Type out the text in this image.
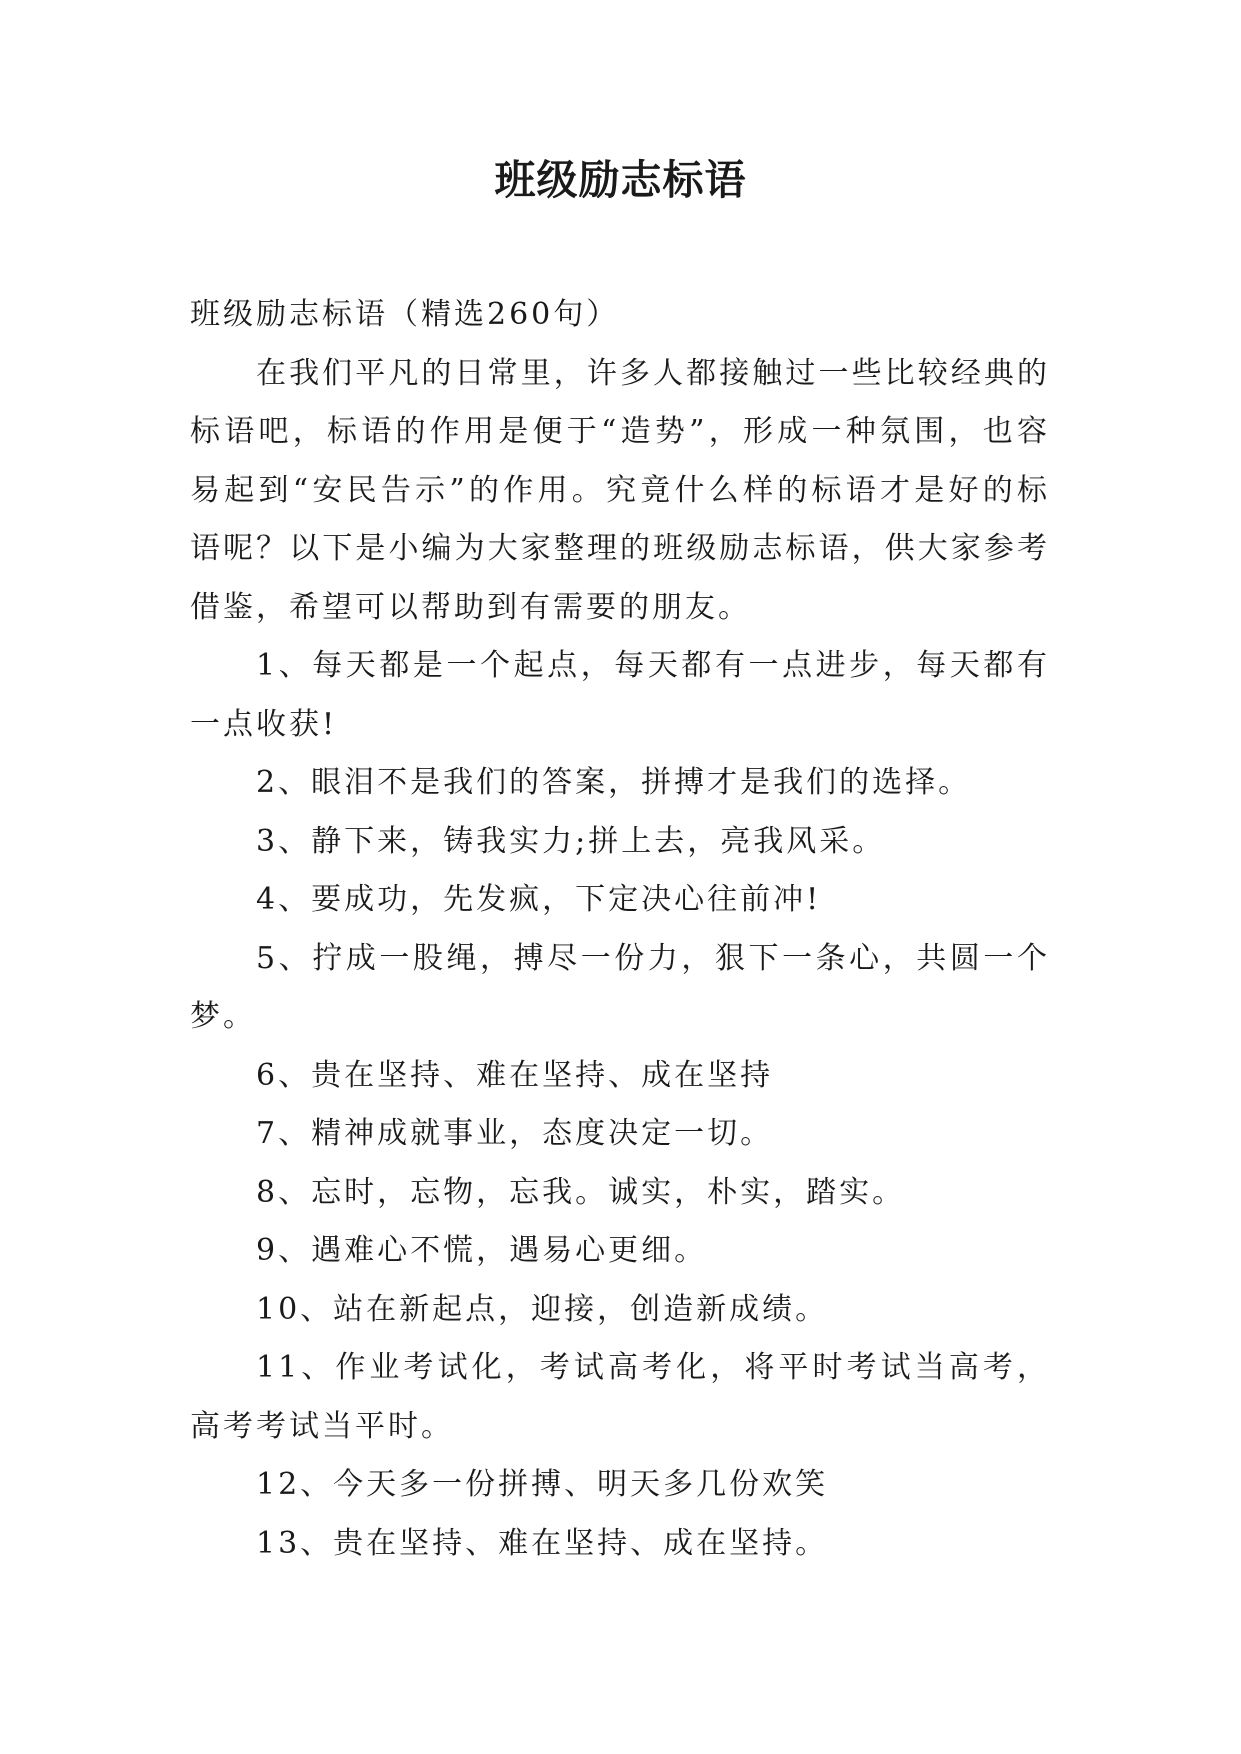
班级励志标语

班级励志标语（精选260句）

在我们平凡的日常里，许多人都接触过一些比较经典的标语吧，标语的作用是便于“造势”，形成一种氛围，也容易起到“安民告示”的作用。究竟什么样的标语才是好的标语呢？以下是小编为大家整理的班级励志标语，供大家参考借鉴，希望可以帮助到有需要的朋友。

1、每天都是一个起点，每天都有一点进步，每天都有一点收获!

2、眼泪不是我们的答案，拼搏才是我们的选择。

3、静下来，铸我实力;拼上去，亮我风采。

4、要成功，先发疯，下定决心往前冲!

5、拧成一股绳，搏尽一份力，狠下一条心，共圆一个梦。

6、贵在坚持、难在坚持、成在坚持

7、精神成就事业，态度决定一切。

8、忘时，忘物，忘我。诚实，朴实，踏实。

9、遇难心不慌，遇易心更细。

10、站在新起点，迎接，创造新成绩。

11、作业考试化，考试高考化，将平时考试当高考，高考考试当平时。

12、今天多一份拼搏、明天多几份欢笑

13、贵在坚持、难在坚持、成在坚持。
